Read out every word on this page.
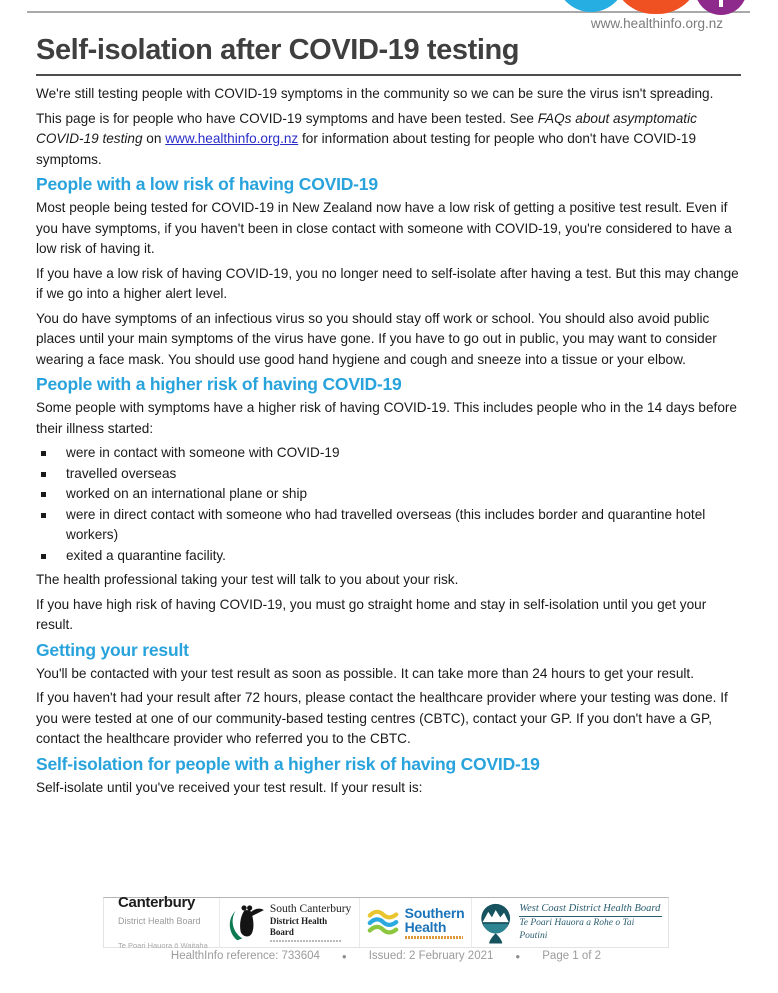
www.healthinfo.org.nz
Self-isolation after COVID-19 testing

We're still testing people with COVID-19 symptoms in the community so we can be sure the virus isn't spreading.

This page is for people who have COVID-19 symptoms and have been tested. See FAQs about asymptomatic COVID-19 testing on www.healthinfo.org.nz for information about testing for people who don't have COVID-19 symptoms.

People with a low risk of having COVID-19

Most people being tested for COVID-19 in New Zealand now have a low risk of getting a positive test result. Even if you have symptoms, if you haven't been in close contact with someone with COVID-19, you're considered to have a low risk of having it.

If you have a low risk of having COVID-19, you no longer need to self-isolate after having a test. But this may change if we go into a higher alert level.

You do have symptoms of an infectious virus so you should stay off work or school. You should also avoid public places until your main symptoms of the virus have gone. If you have to go out in public, you may want to consider wearing a face mask. You should use good hand hygiene and cough and sneeze into a tissue or your elbow.

People with a higher risk of having COVID-19

Some people with symptoms have a higher risk of having COVID-19. This includes people who in the 14 days before their illness started:

were in contact with someone with COVID-19
travelled overseas
worked on an international plane or ship
were in direct contact with someone who had travelled overseas (this includes border and quarantine hotel workers)
exited a quarantine facility.

The health professional taking your test will talk to you about your risk.

If you have high risk of having COVID-19, you must go straight home and stay in self-isolation until you get your result.

Getting your result

You'll be contacted with your test result as soon as possible. It can take more than 24 hours to get your result.

If you haven't had your result after 72 hours, please contact the healthcare provider where your testing was done. If you were tested at one of our community-based testing centres (CBTC), contact your GP. If you don't have a GP, contact the healthcare provider who referred you to the CBTC.

Self-isolation for people with a higher risk of having COVID-19

Self-isolate until you've received your test result. If your result is:

Canterbury
District Health Board
Te Poari Hauora ō Waitaha
South Canterbury
District Health Board
Southern
Health
West Coast District Health Board
Te Poari Hauora a Rohe o Tai Poutini
HealthInfo reference: 733604	● Issued: 2 February 2021	● Page 1 of 2
